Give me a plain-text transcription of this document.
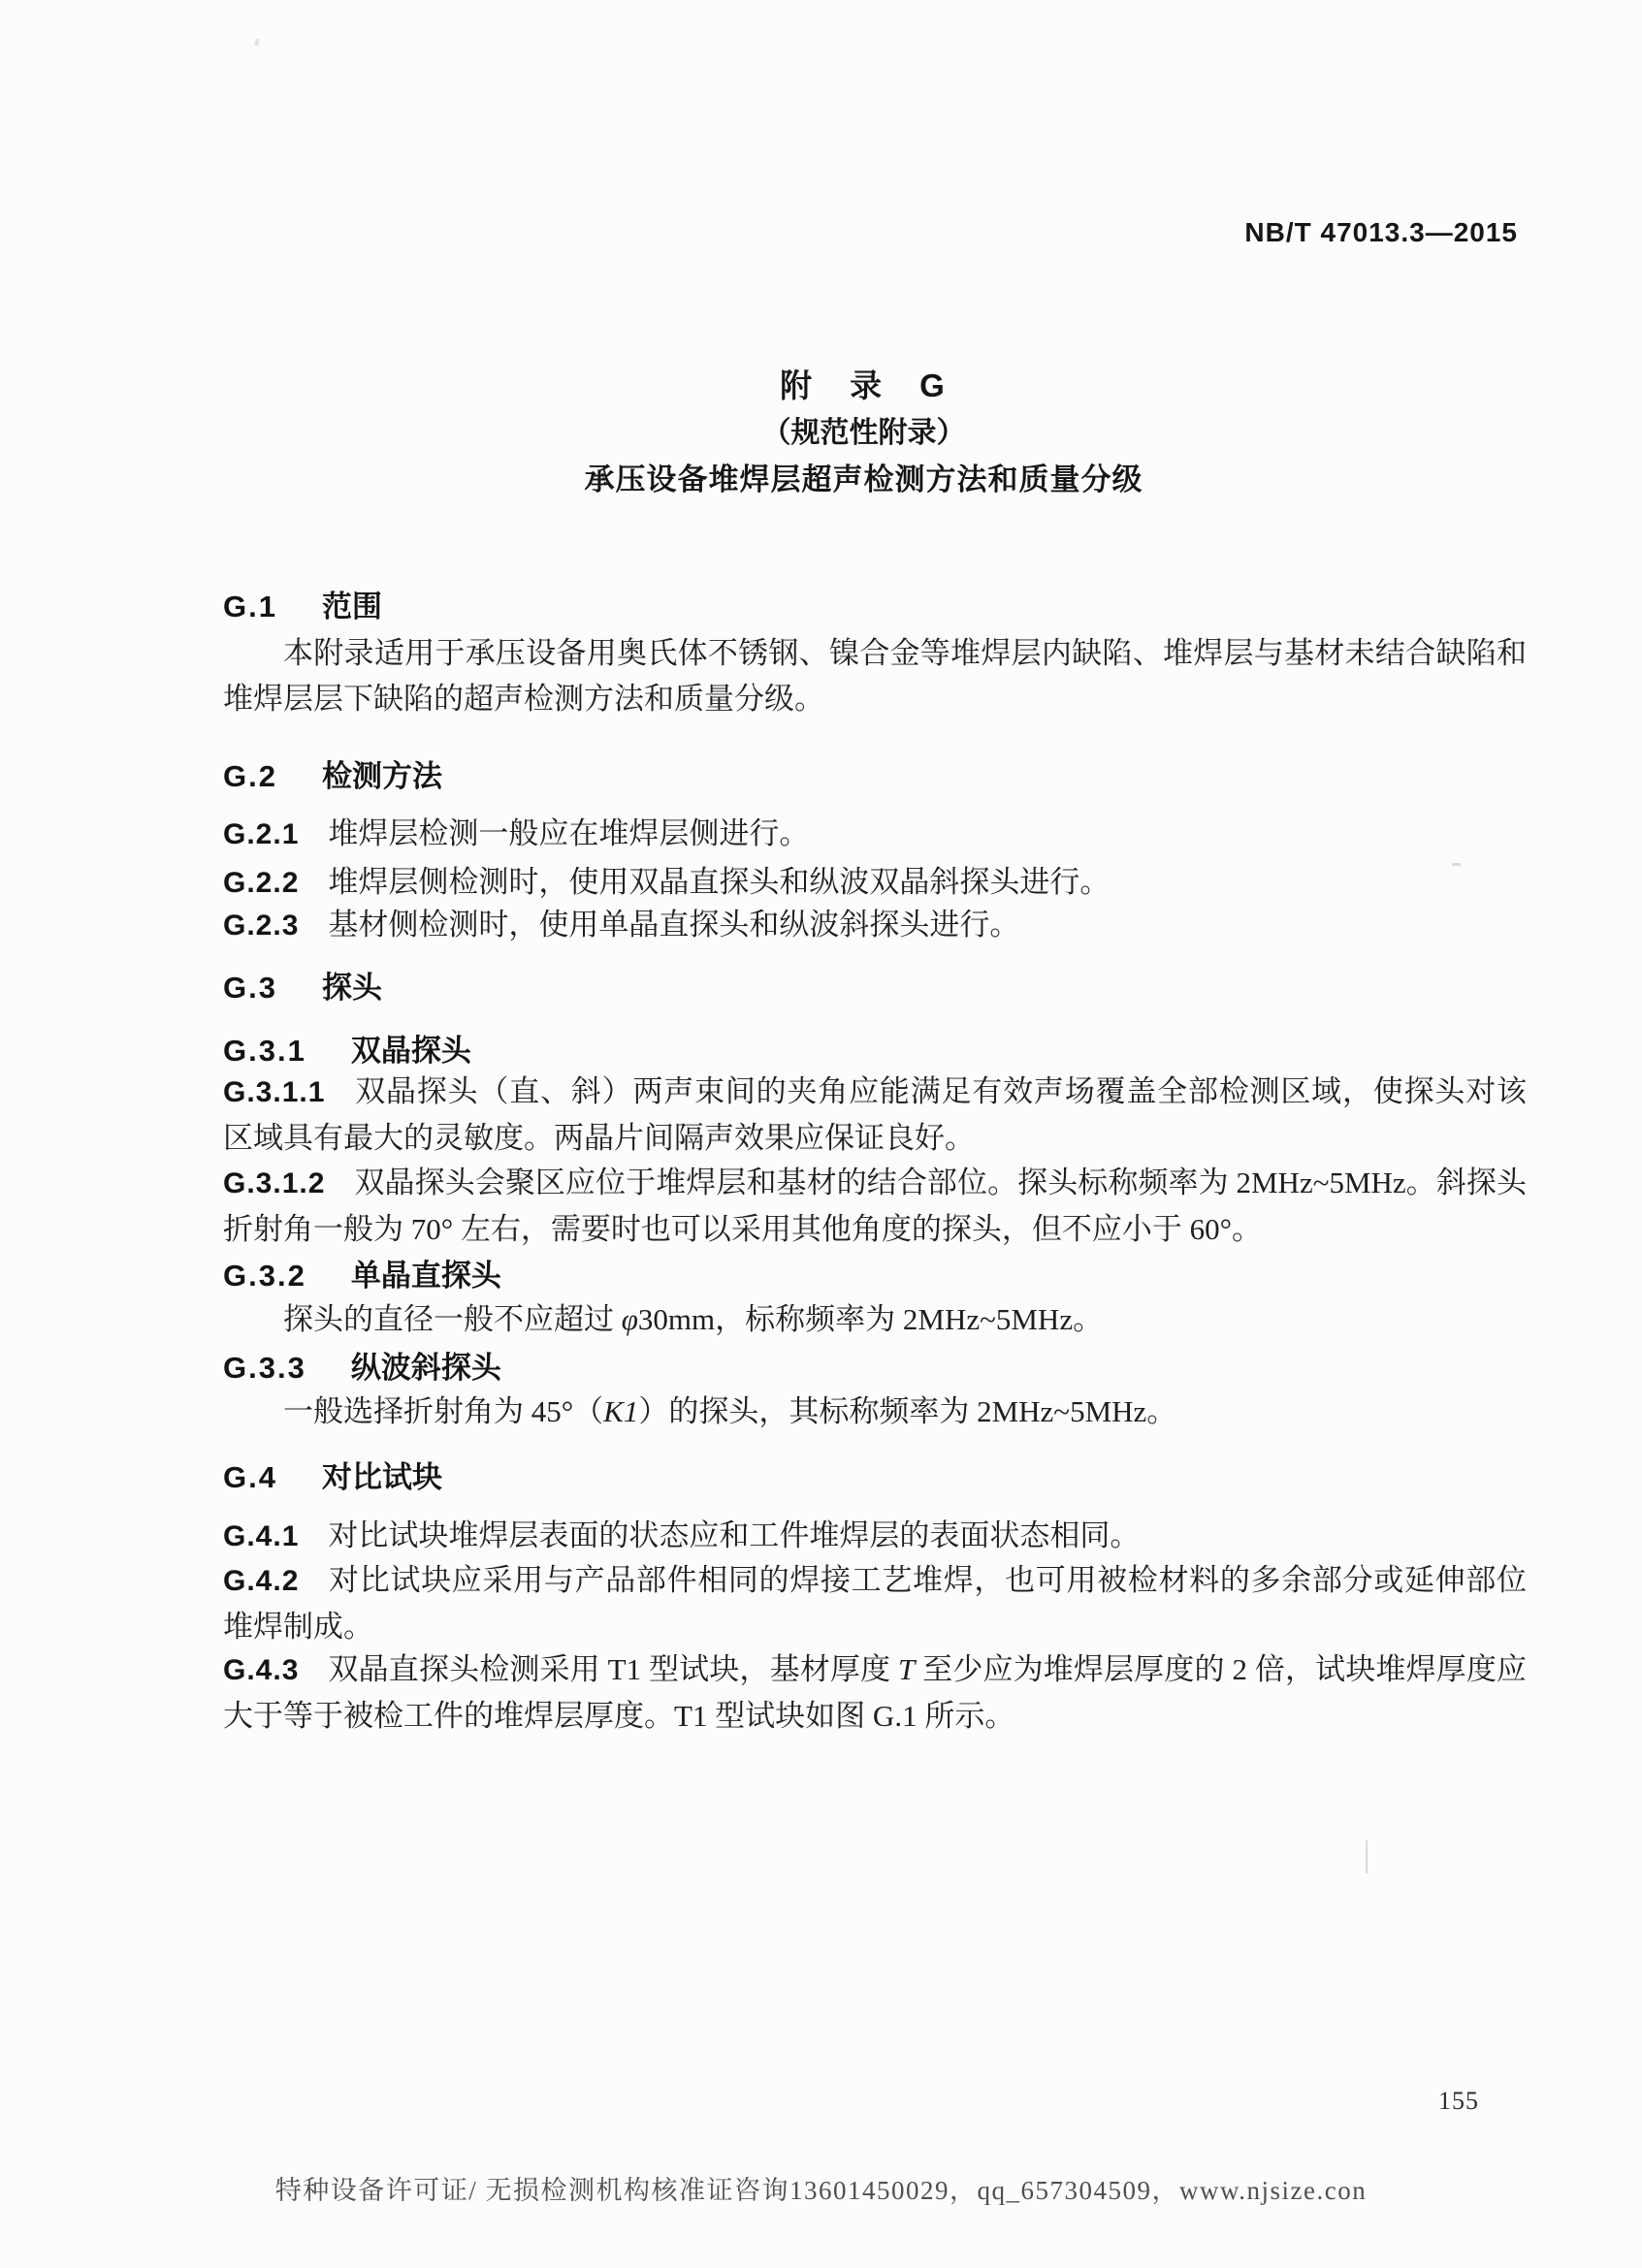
NB/T 47013.3—2015
附　录　G
（规范性附录）
承压设备堆焊层超声检测方法和质量分级
G.1 范围
本附录适用于承压设备用奥氏体不锈钢、镍合金等堆焊层内缺陷、堆焊层与基材未结合缺陷和堆焊层层下缺陷的超声检测方法和质量分级。
G.2 检测方法
G.2.1 堆焊层检测一般应在堆焊层侧进行。
G.2.2 堆焊层侧检测时，使用双晶直探头和纵波双晶斜探头进行。
G.2.3 基材侧检测时，使用单晶直探头和纵波斜探头进行。
G.3 探头
G.3.1 双晶探头
G.3.1.1 双晶探头（直、斜）两声束间的夹角应能满足有效声场覆盖全部检测区域，使探头对该区域具有最大的灵敏度。两晶片间隔声效果应保证良好。
G.3.1.2 双晶探头会聚区应位于堆焊层和基材的结合部位。探头标称频率为 2MHz~5MHz。斜探头折射角一般为 70° 左右，需要时也可以采用其他角度的探头，但不应小于 60°。
G.3.2 单晶直探头
探头的直径一般不应超过 φ30mm，标称频率为 2MHz~5MHz。
G.3.3 纵波斜探头
一般选择折射角为 45°（K1）的探头，其标称频率为 2MHz~5MHz。
G.4 对比试块
G.4.1 对比试块堆焊层表面的状态应和工件堆焊层的表面状态相同。
G.4.2 对比试块应采用与产品部件相同的焊接工艺堆焊，也可用被检材料的多余部分或延伸部位堆焊制成。
G.4.3 双晶直探头检测采用 T1 型试块，基材厚度 T 至少应为堆焊层厚度的 2 倍，试块堆焊厚度应大于等于被检工件的堆焊层厚度。T1 型试块如图 G.1 所示。
155
特种设备许可证/ 无损检测机构核准证咨询13601450029，qq_657304509，www.njsize.con
